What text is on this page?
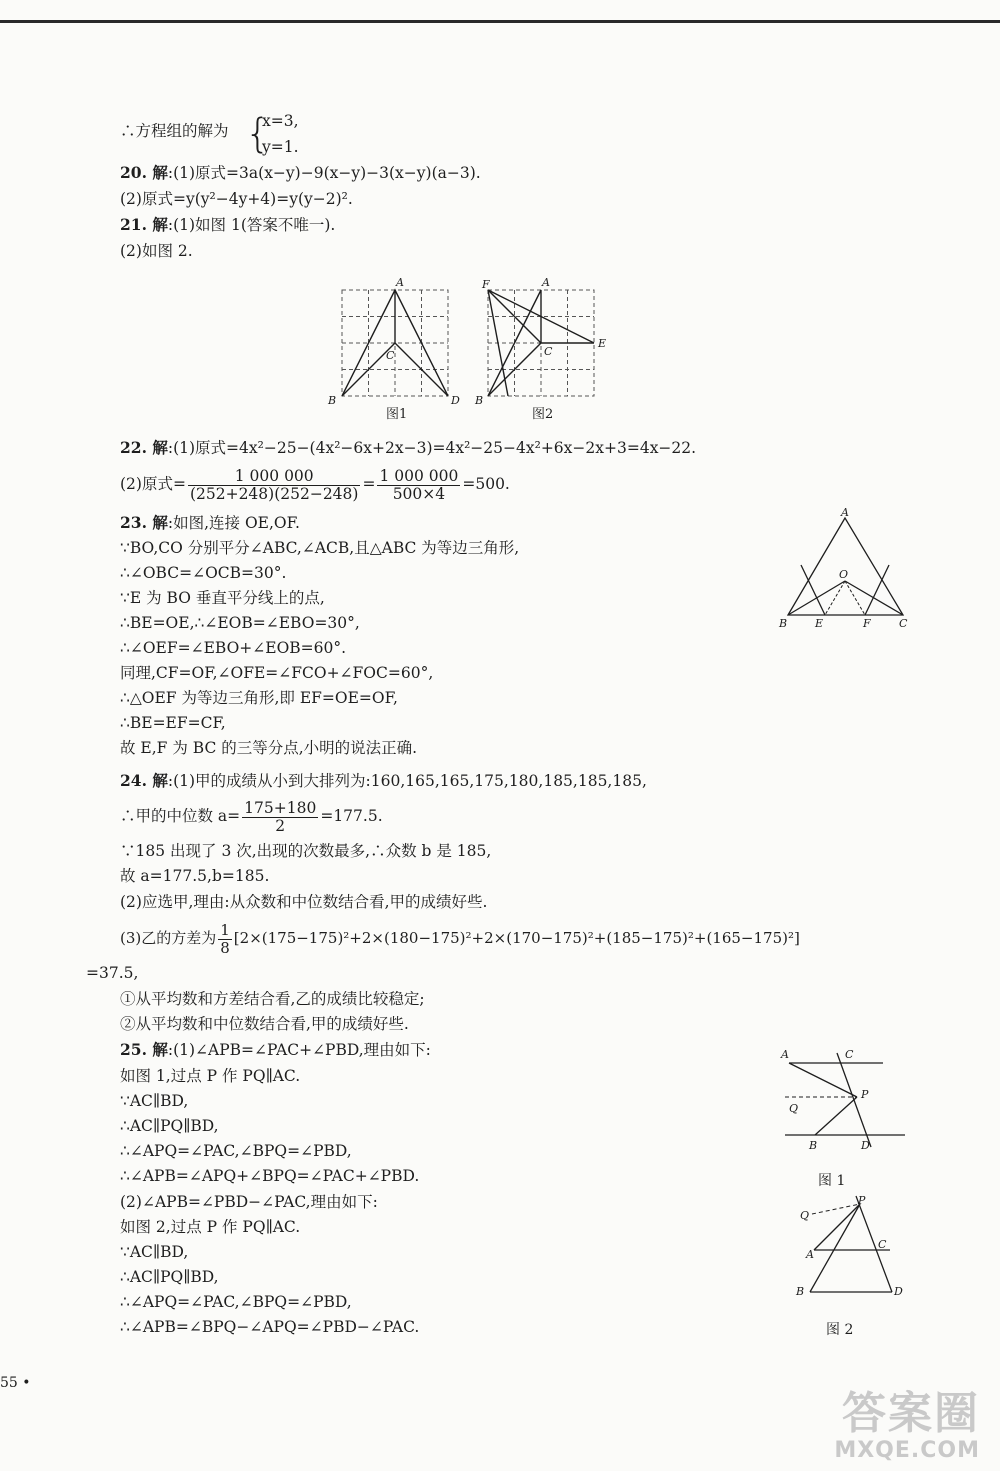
∴方程组的解为 {
x=3,
y=1.
20. 解:(1)原式=3a(x−y)−9(x−y)−3(x−y)(a−3).
(2)原式=y(y²−4y+4)=y(y−2)².
21. 解:(1)如图 1(答案不唯一).
(2)如图 2.
A
C
B	D
F	A
C
E
B
图1	图2
22. 解:(1)原式=4x²−25−(4x²−6x+2x−3)=4x²−25−4x²+6x−2x+3=4x−22.
(2)原式= $\frac{1 000 000}{(252+248)(252-248)} = \frac{1 000 000}{500\times 4} =500$.
23. 解:如图,连接 OE,OF.
∵BO,CO 分别平分∠ABC,∠ACB,且△ABC 为等边三角形,
∴∠OBC=∠OCB=30°.
∵E 为 BO 垂直平分线上的点,
∴BE=OE,∴∠EOB=∠EBO=30°,
∴∠OEF=∠EBO+∠EOB=60°.
同理,CF=OF,∠OFE=∠FCO+∠FOC=60°,
∴△OEF 为等边三角形,即 EF=OE=OF,
∴BE=EF=CF,
故 E,F 为 BC 的三等分点,小明的说法正确.
A
O
B	E	F	C
24. 解:(1)甲的成绩从小到大排列为:160,165,165,175,180,185,185,185,
∴甲的中位数 $a= \frac{175+180}{2} =177.5$.
∵185 出现了 3 次,出现的次数最多,∴众数 b 是 185,
故 a=177.5,b=185.
(2)应选甲,理由:从众数和中位数结合看,甲的成绩好些.
(3)乙的方差为 $\frac{1}{8} [2\times(175-175)^2+2\times(180-175)^2+2\times(170-175)^2+(185-175)^2+(165-175)^2]$
=37.5,
①从平均数和方差结合看,乙的成绩比较稳定;
②从平均数和中位数结合看,甲的成绩好些.
25. 解:(1)∠APB=∠PAC+∠PBD,理由如下:
如图 1,过点 P 作 PQ∥AC.
∵AC∥BD,
∴AC∥PQ∥BD,
∴∠APQ=∠PAC,∠BPQ=∠PBD,
∴∠APB=∠APQ+∠BPQ=∠PAC+∠PBD.
(2)∠APB=∠PBD−∠PAC,理由如下:
如图 2,过点 P 作 PQ∥AC.
∵AC∥BD,
∴AC∥PQ∥BD,
∴∠APQ=∠PAC,∠BPQ=∠PBD,
∴∠APB=∠BPQ−∠APQ=∠PBD−∠PAC.
A	C
P
Q
B	D
图 1
P
Q
C
A
B	D
图 2
55 •
答案圈
MXQE.COM
